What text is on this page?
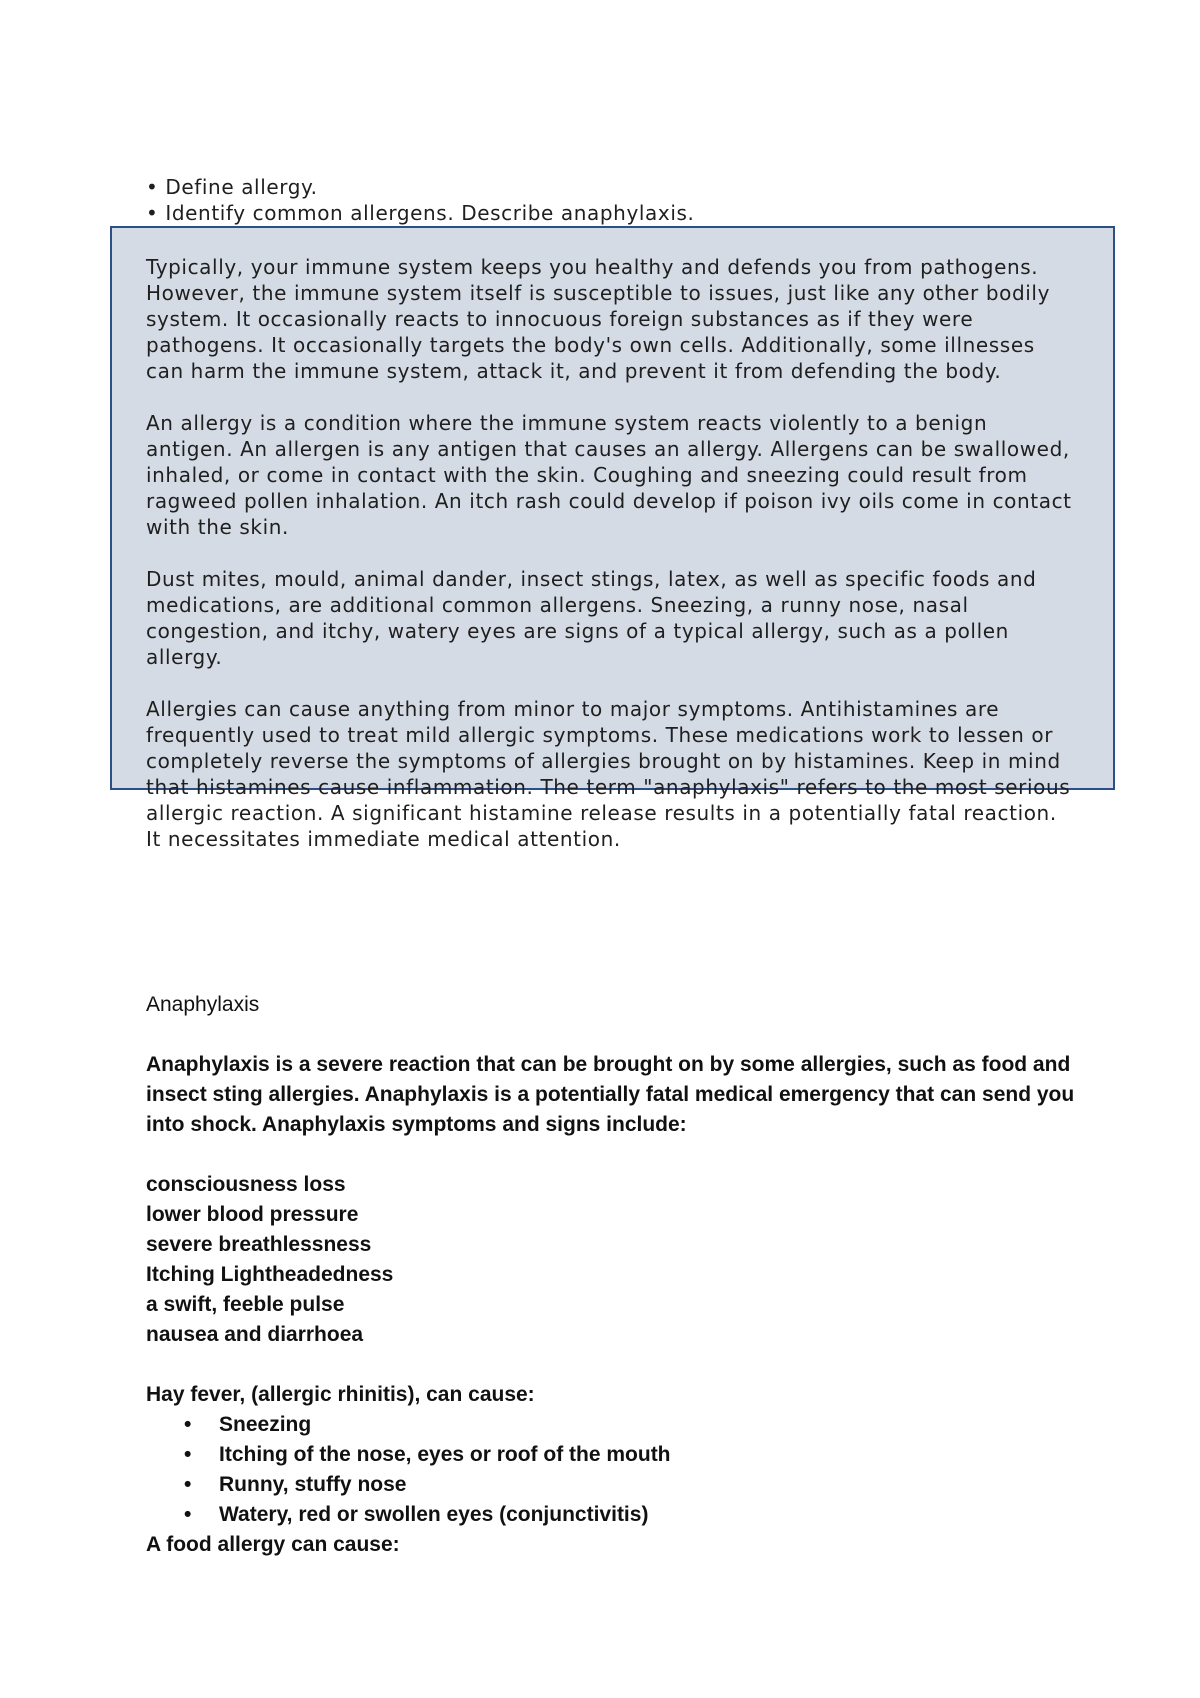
• Define allergy.
• Identify common allergens. Describe anaphylaxis.

Typically, your immune system keeps you healthy and defends you from pathogens. However, the immune system itself is susceptible to issues, just like any other bodily system. It occasionally reacts to innocuous foreign substances as if they were pathogens. It occasionally targets the body's own cells. Additionally, some illnesses can harm the immune system, attack it, and prevent it from defending the body.

An allergy is a condition where the immune system reacts violently to a benign antigen. An allergen is any antigen that causes an allergy. Allergens can be swallowed, inhaled, or come in contact with the skin. Coughing and sneezing could result from ragweed pollen inhalation. An itch rash could develop if poison ivy oils come in contact with the skin.

Dust mites, mould, animal dander, insect stings, latex, as well as specific foods and medications, are additional common allergens. Sneezing, a runny nose, nasal congestion, and itchy, watery eyes are signs of a typical allergy, such as a pollen allergy.

Allergies can cause anything from minor to major symptoms. Antihistamines are frequently used to treat mild allergic symptoms. These medications work to lessen or completely reverse the symptoms of allergies brought on by histamines. Keep in mind that histamines cause inflammation. The term "anaphylaxis" refers to the most serious allergic reaction. A significant histamine release results in a potentially fatal reaction. It necessitates immediate medical attention.

Anaphylaxis

Anaphylaxis is a severe reaction that can be brought on by some allergies, such as food and insect sting allergies. Anaphylaxis is a potentially fatal medical emergency that can send you into shock. Anaphylaxis symptoms and signs include:

consciousness loss
lower blood pressure
severe breathlessness
Itching Lightheadedness
a swift, feeble pulse
nausea and diarrhoea

Hay fever, (allergic rhinitis), can cause:

• Sneezing
• Itching of the nose, eyes or roof of the mouth
• Runny, stuffy nose
• Watery, red or swollen eyes (conjunctivitis)

A food allergy can cause:
